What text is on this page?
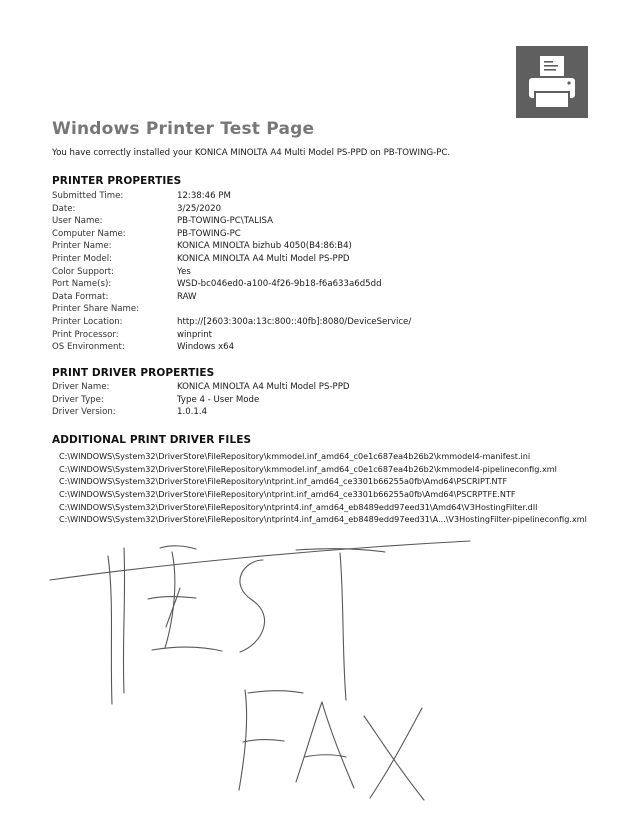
Windows Printer Test Page
You have correctly installed your KONICA MINOLTA A4 Multi Model PS-PPD on PB-TOWING-PC.
PRINTER PROPERTIES
Submitted Time:	12:38:46 PM
Date:	3/25/2020
User Name:	PB-TOWING-PC\TALISA
Computer Name:	PB-TOWING-PC
Printer Name:	KONICA MINOLTA bizhub 4050(B4:86:B4)
Printer Model:	KONICA MINOLTA A4 Multi Model PS-PPD
Color Support:	Yes
Port Name(s):	WSD-bc046ed0-a100-4f26-9b18-f6a633a6d5dd
Data Format:	RAW
Printer Share Name:
Printer Location:	http://[2603:300a:13c:800::40fb]:8080/DeviceService/
Print Processor:	winprint
OS Environment:	Windows x64
PRINT DRIVER PROPERTIES
Driver Name:	KONICA MINOLTA A4 Multi Model PS-PPD
Driver Type:	Type 4 - User Mode
Driver Version:	1.0.1.4
ADDITIONAL PRINT DRIVER FILES
C:\WINDOWS\System32\DriverStore\FileRepository\kmmodel.inf_amd64_c0e1c687ea4b26b2\kmmodel4-manifest.ini
C:\WINDOWS\System32\DriverStore\FileRepository\kmmodel.inf_amd64_c0e1c687ea4b26b2\kmmodel4-pipelineconfig.xml
C:\WINDOWS\System32\DriverStore\FileRepository\ntprint.inf_amd64_ce3301b66255a0fb\Amd64\PSCRIPT.NTF
C:\WINDOWS\System32\DriverStore\FileRepository\ntprint.inf_amd64_ce3301b66255a0fb\Amd64\PSCRPTFE.NTF
C:\WINDOWS\System32\DriverStore\FileRepository\ntprint4.inf_amd64_eb8489edd97eed31\Amd64\V3HostingFilter.dll
C:\WINDOWS\System32\DriverStore\FileRepository\ntprint4.inf_amd64_eb8489edd97eed31\A...\V3HostingFilter-pipelineconfig.xml
